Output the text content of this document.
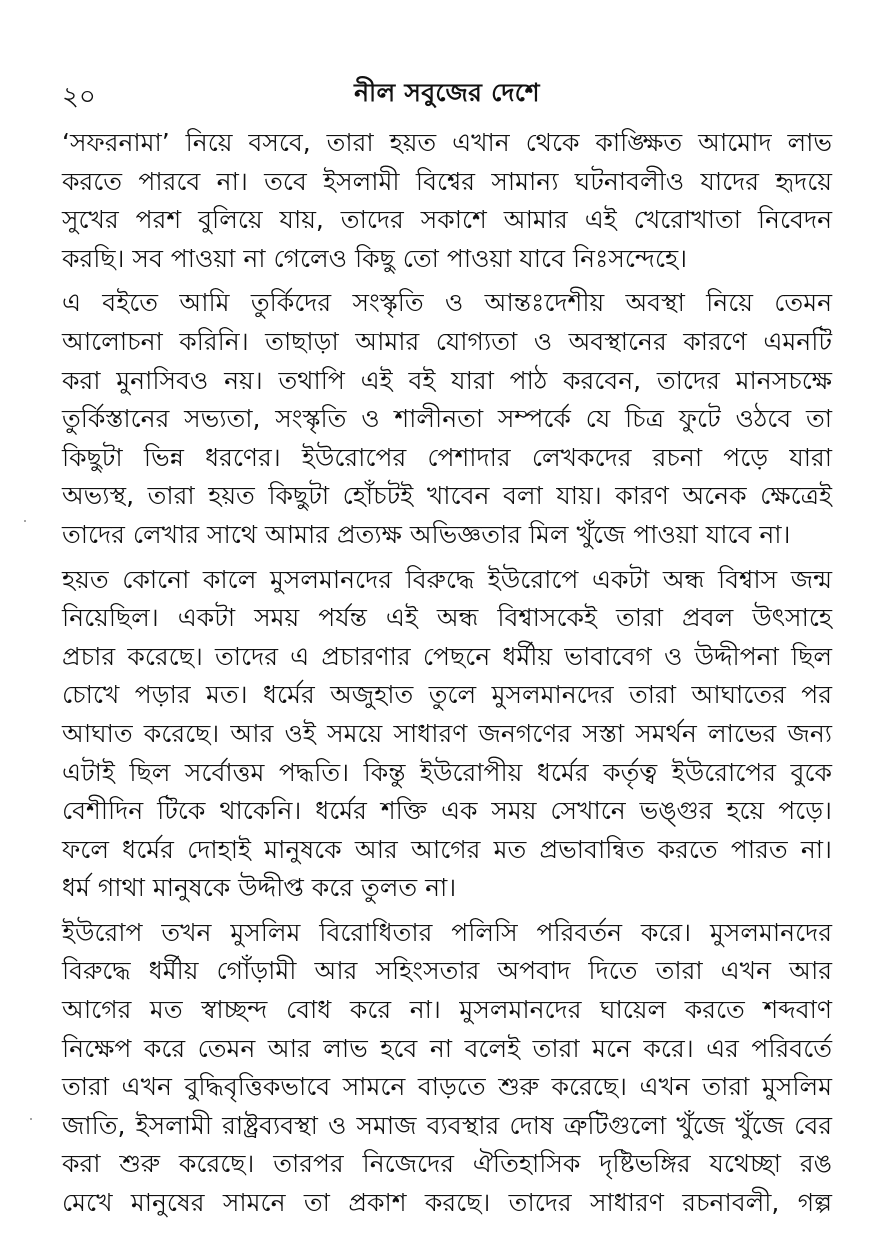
২০	নীল সবুজের দেশে

‘সফরনামা’ নিয়ে বসবে, তারা হয়ত এখান থেকে কাঙ্ক্ষিত আমোদ লাভ
করতে পারবে না। তবে ইসলামী বিশ্বের সামান্য ঘটনাবলীও যাদের হৃদয়ে
সুখের পরশ বুলিয়ে যায়, তাদের সকাশে আমার এই খেরোখাতা নিবেদন
করছি। সব পাওয়া না গেলেও কিছু তো পাওয়া যাবে নিঃসন্দেহে।

এ বইতে আমি তুর্কিদের সংস্কৃতি ও আন্তঃদেশীয় অবস্থা নিয়ে তেমন
আলোচনা করিনি। তাছাড়া আমার যোগ্যতা ও অবস্থানের কারণে এমনটি
করা মুনাসিবও নয়। তথাপি এই বই যারা পাঠ করবেন, তাদের মানসচক্ষে
তুর্কিস্তানের সভ্যতা, সংস্কৃতি ও শালীনতা সম্পর্কে যে চিত্র ফুটে ওঠবে তা
কিছুটা ভিন্ন ধরণের। ইউরোপের পেশাদার লেখকদের রচনা পড়ে যারা
অভ্যস্থ, তারা হয়ত কিছুটা হোঁচটই খাবেন বলা যায়। কারণ অনেক ক্ষেত্রেই
তাদের লেখার সাথে আমার প্রত্যক্ষ অভিজ্ঞতার মিল খুঁজে পাওয়া যাবে না।

হয়ত কোনো কালে মুসলমানদের বিরুদ্ধে ইউরোপে একটা অন্ধ বিশ্বাস জন্ম
নিয়েছিল। একটা সময় পর্যন্ত এই অন্ধ বিশ্বাসকেই তারা প্রবল উৎসাহে
প্রচার করেছে। তাদের এ প্রচারণার পেছনে ধর্মীয় ভাবাবেগ ও উদ্দীপনা ছিল
চোখে পড়ার মত। ধর্মের অজুহাত তুলে মুসলমানদের তারা আঘাতের পর
আঘাত করেছে। আর ওই সময়ে সাধারণ জনগণের সস্তা সমর্থন লাভের জন্য
এটাই ছিল সর্বোত্তম পদ্ধতি। কিন্তু ইউরোপীয় ধর্মের কর্তৃত্ব ইউরোপের বুকে
বেশীদিন টিকে থাকেনি। ধর্মের শক্তি এক সময় সেখানে ভঙ্গুর হয়ে পড়ে।
ফলে ধর্মের দোহাই মানুষকে আর আগের মত প্রভাবান্বিত করতে পারত না।
ধর্ম গাথা মানুষকে উদ্দীপ্ত করে তুলত না।

ইউরোপ তখন মুসলিম বিরোধিতার পলিসি পরিবর্তন করে। মুসলমানদের
বিরুদ্ধে ধর্মীয় গোঁড়ামী আর সহিংসতার অপবাদ দিতে তারা এখন আর
আগের মত স্বাচ্ছন্দ বোধ করে না। মুসলমানদের ঘায়েল করতে শব্দবাণ
নিক্ষেপ করে তেমন আর লাভ হবে না বলেই তারা মনে করে। এর পরিবর্তে
তারা এখন বুদ্ধিবৃত্তিকভাবে সামনে বাড়তে শুরু করেছে। এখন তারা মুসলিম
জাতি, ইসলামী রাষ্ট্রব্যবস্থা ও সমাজ ব্যবস্থার দোষ ত্রুটিগুলো খুঁজে খুঁজে বের
করা শুরু করেছে। তারপর নিজেদের ঐতিহাসিক দৃষ্টিভঙ্গির যথেচ্ছা রঙ
মেখে মানুষের সামনে তা প্রকাশ করছে। তাদের সাধারণ রচনাবলী, গল্প
